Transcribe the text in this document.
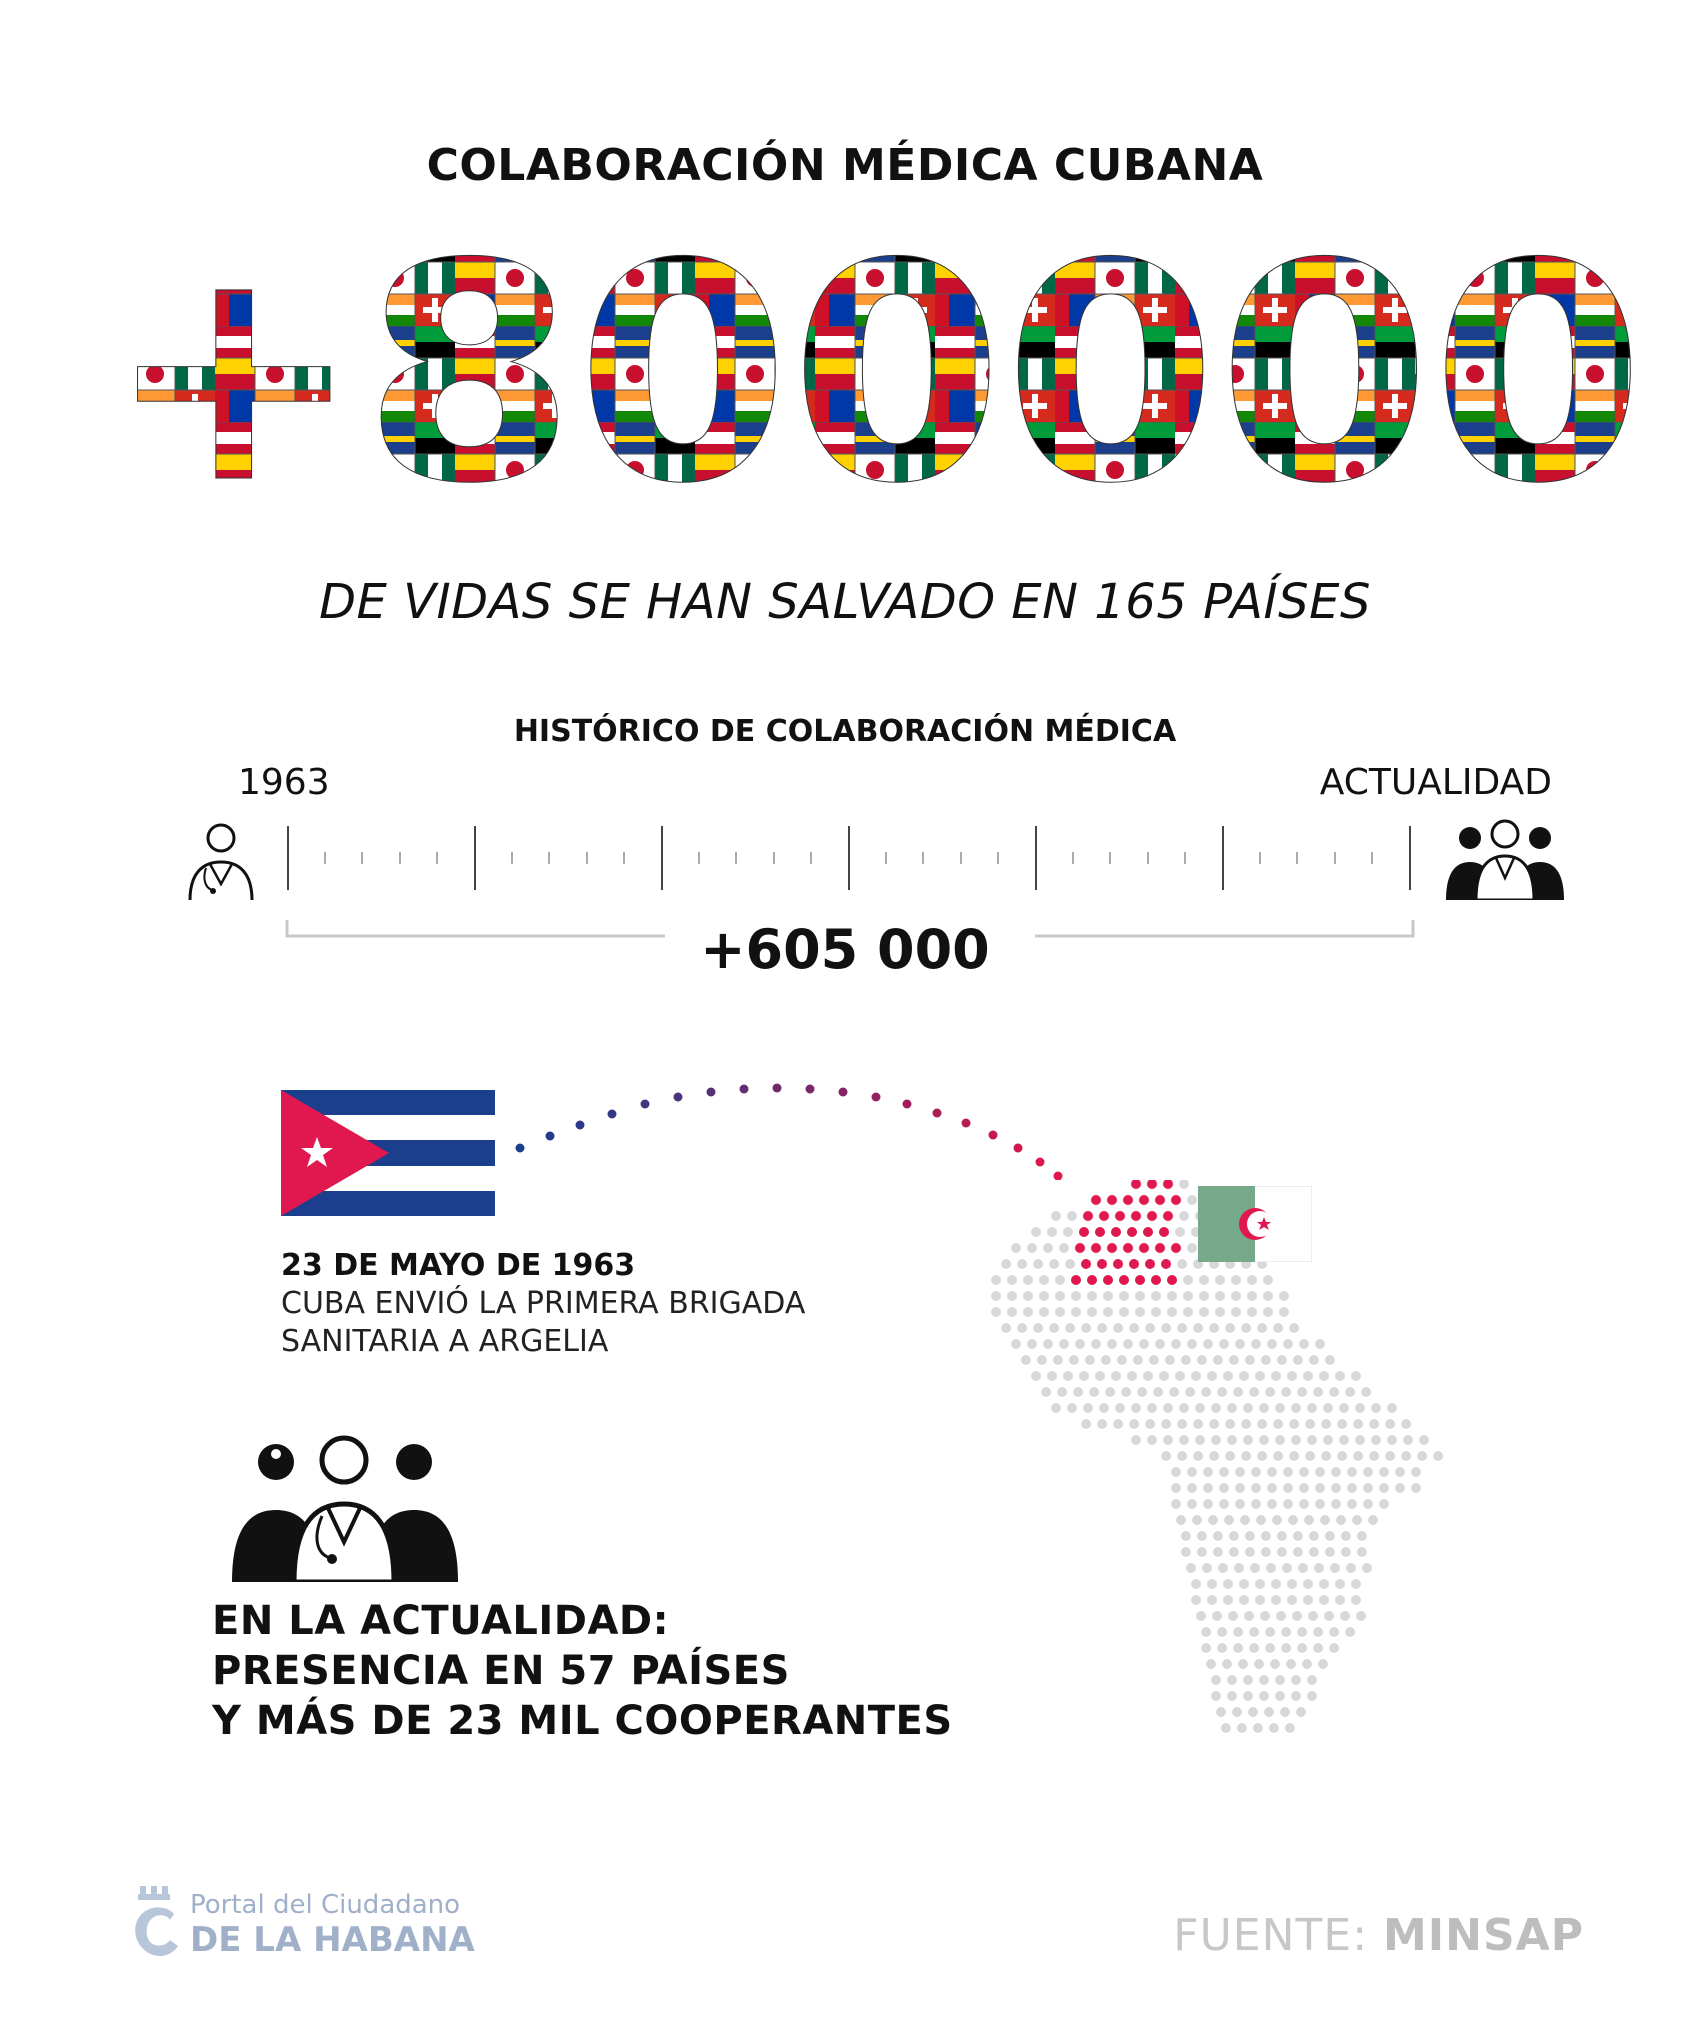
COLABORACIÓN MÉDICA CUBANA
+800000
DE VIDAS SE HAN SALVADO EN 165 PAÍSES
HISTÓRICO DE COLABORACIÓN MÉDICA
1963	ACTUALIDAD
+605 000
23 DE MAYO DE 1963
CUBA ENVIÓ LA PRIMERA BRIGADA
SANITARIA A ARGELIA
EN LA ACTUALIDAD:
PRESENCIA EN 57 PAÍSES
Y MÁS DE 23 MIL COOPERANTES
Portal del Ciudadano
DE LA HABANA	FUENTE: MINSAP
